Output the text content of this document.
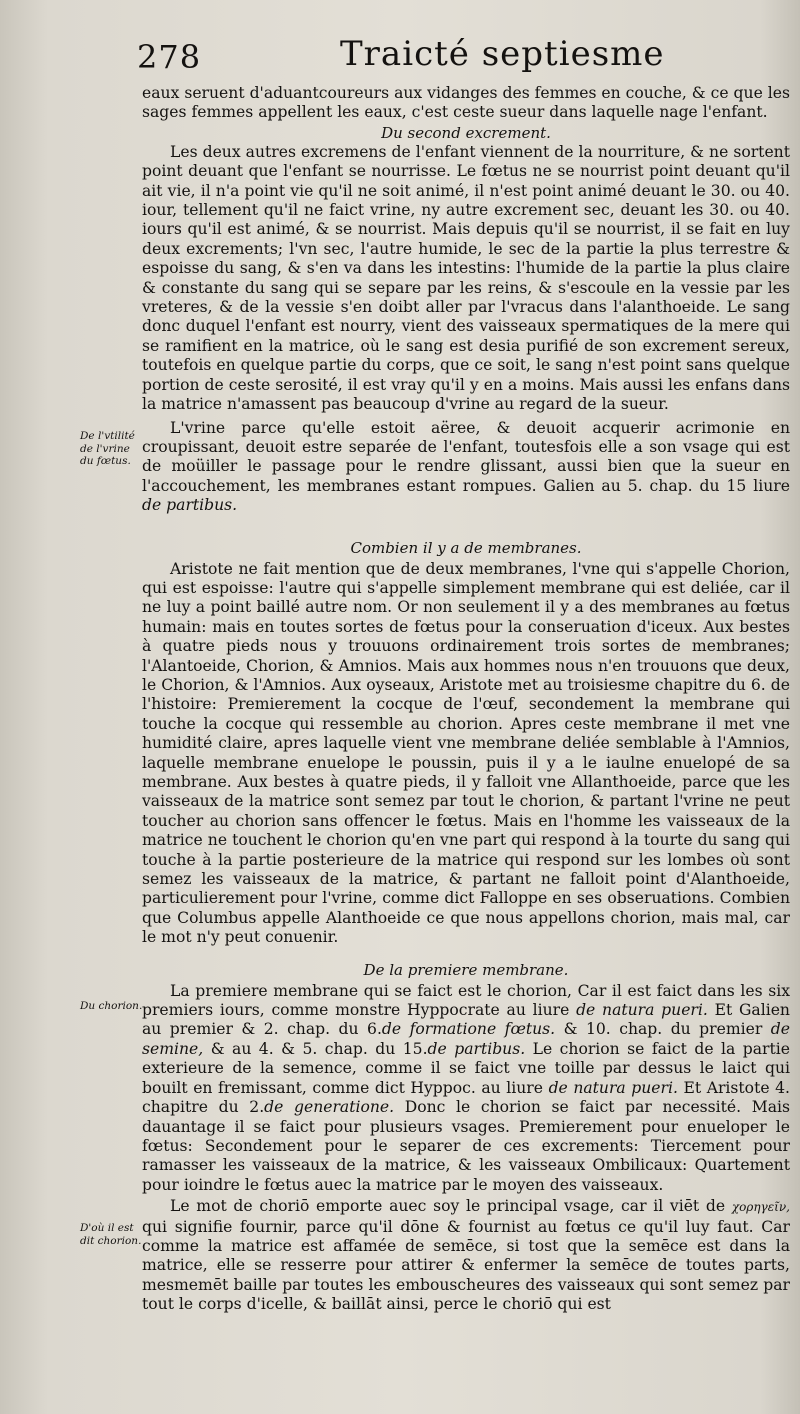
278	Traicté septiesme
De l'vtilité de l'vrine du fœtus.
Du chorion.
D'où il est dit chorion.

eaux seruent d'aduantcoureurs aux vidanges des femmes en couche, & ce que les sages femmes appellent les eaux, c'est ceste sueur dans laquelle nage l'enfant.

Du second excrement.

Les deux autres excremens de l'enfant viennent de la nourriture, & ne sortent point deuant que l'enfant se nourrisse. Le fœtus ne se nourrist point deuant qu'il ait vie, il n'a point vie qu'il ne soit animé, il n'est point animé deuant le 30. ou 40. iour, tellement qu'il ne faict vrine, ny autre excrement sec, deuant les 30. ou 40. iours qu'il est animé, & se nourrist. Mais depuis qu'il se nourrist, il se fait en luy deux excrements; l'vn sec, l'autre humide, le sec de la partie la plus terrestre & espoisse du sang, & s'en va dans les intestins: l'humide de la partie la plus claire & constante du sang qui se separe par les reins, & s'escoule en la vessie par les vreteres, & de la vessie s'en doibt aller par l'vracus dans l'alanthoeide. Le sang donc duquel l'enfant est nourry, vient des vaisseaux spermatiques de la mere qui se ramifient en la matrice, où le sang est desia purifié de son excrement sereux, toutefois en quelque partie du corps, que ce soit, le sang n'est point sans quelque portion de ceste serosité, il est vray qu'il y en a moins. Mais aussi les enfans dans la matrice n'amassent pas beaucoup d'vrine au regard de la sueur.

L'vrine parce qu'elle estoit aëree, & deuoit acquerir acrimonie en croupissant, deuoit estre separée de l'enfant, toutesfois elle a son vsage qui est de moüiller le passage pour le rendre glissant, aussi bien que la sueur en l'accouchement, les membranes estant rompues. Galien au 5. chap. du 15 liure de partibus.

Combien il y a de membranes.

Aristote ne fait mention que de deux membranes, l'vne qui s'appelle Chorion, qui est espoisse: l'autre qui s'appelle simplement membrane qui est deliée, car il ne luy a point baillé autre nom. Or non seulement il y a des membranes au fœtus humain: mais en toutes sortes de fœtus pour la conseruation d'iceux. Aux bestes à quatre pieds nous y trouuons ordinairement trois sortes de membranes; l'Alantoeide, Chorion, & Amnios. Mais aux hommes nous n'en trouuons que deux, le Chorion, & l'Amnios. Aux oyseaux, Aristote met au troisiesme chapitre du 6. de l'histoire: Premierement la cocque de l'œuf, secondement la membrane qui touche la cocque qui ressemble au chorion. Apres ceste membrane il met vne humidité claire, apres laquelle vient vne membrane deliée semblable à l'Amnios, laquelle membrane enuelope le poussin, puis il y a le iaulne enuelopé de sa membrane. Aux bestes à quatre pieds, il y falloit vne Allanthoeide, parce que les vaisseaux de la matrice sont semez par tout le chorion, & partant l'vrine ne peut toucher au chorion sans offencer le fœtus. Mais en l'homme les vaisseaux de la matrice ne touchent le chorion qu'en vne part qui respond à la tourte du sang qui touche à la partie posterieure de la matrice qui respond sur les lombes où sont semez les vaisseaux de la matrice, & partant ne falloit point d'Alanthoeide, particulierement pour l'vrine, comme dict Falloppe en ses obseruations. Combien que Columbus appelle Alanthoeide ce que nous appellons chorion, mais mal, car le mot n'y peut conuenir.

De la premiere membrane.

La premiere membrane qui se faict est le chorion, Car il est faict dans les six premiers iours, comme monstre Hyppocrate au liure de natura pueri. Et Galien au premier & 2. chap. du 6.de formatione fœtus. & 10. chap. du premier de semine, & au 4. & 5. chap. du 15.de partibus. Le chorion se faict de la partie exterieure de la semence, comme il se faict vne toille par dessus le laict qui bouilt en fremissant, comme dict Hyppoc. au liure de natura pueri. Et Aristote 4. chapitre du 2.de generatione. Donc le chorion se faict par necessité. Mais dauantage il se faict pour plusieurs vsages. Premierement pour enueloper le fœtus: Secondement pour le separer de ces excrements: Tiercement pour ramasser les vaisseaux de la matrice, & les vaisseaux Ombilicaux: Quartement pour ioindre le fœtus auec la matrice par le moyen des vaisseaux.

Le mot de choriō emporte auec soy le principal vsage, car il viēt de χορηγεῖν, qui signifie fournir, parce qu'il dōne & fournist au fœtus ce qu'il luy faut. Car comme la matrice est affamée de semēce, si tost que la semēce est dans la matrice, elle se resserre pour attirer & enfermer la semēce de toutes parts, mesmemēt baille par toutes les embouscheures des vaisseaux qui sont semez par tout le corps d'icelle, & baillāt ainsi, perce le choriō qui est
